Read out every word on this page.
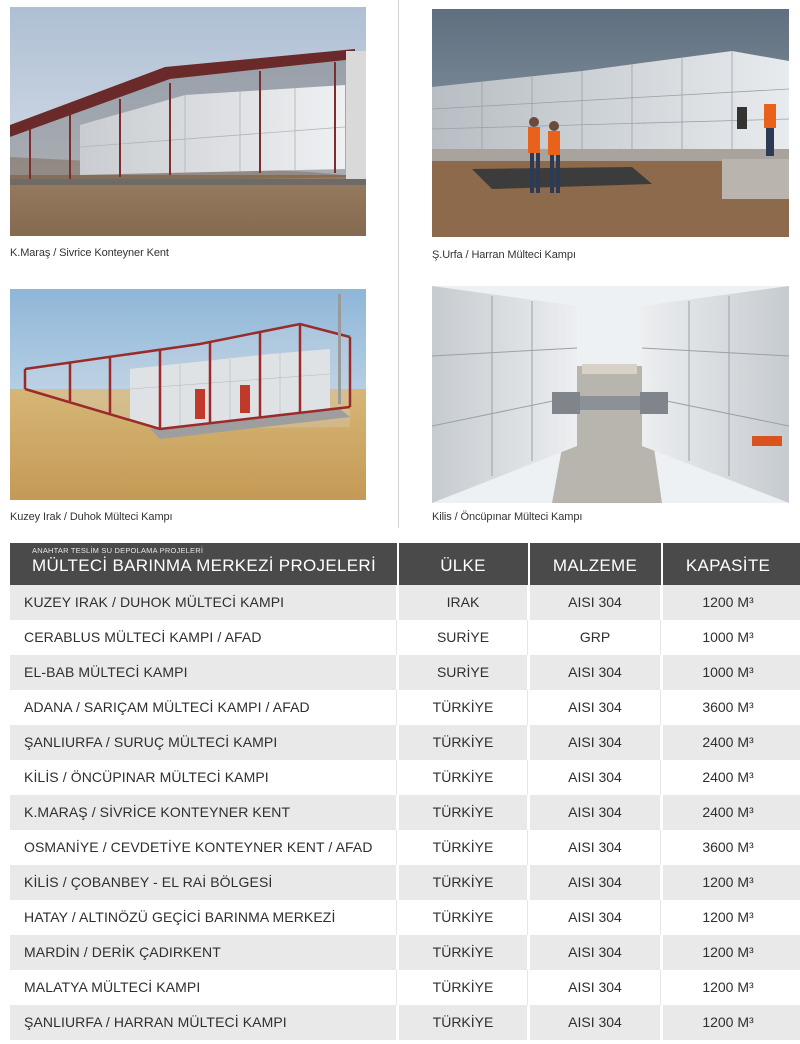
K.Maraş / Sivrice Konteyner Kent	Ş.Urfa / Harran Mülteci Kampı
Kuzey Irak / Duhok Mülteci Kampı	Kilis / Öncüpınar Mülteci Kampı
ANAHTAR TESLİM SU DEPOLAMA PROJELERİ
MÜLTECİ BARINMA MERKEZİ PROJELERİ	ÜLKE	MALZEME	KAPASİTE
KUZEY IRAK / DUHOK MÜLTECİ KAMPI	IRAK	AISI 304	1200 M³
CERABLUS MÜLTECİ KAMPI / AFAD	SURİYE	GRP	1000 M³
EL-BAB MÜLTECİ KAMPI	SURİYE	AISI 304	1000 M³
ADANA / SARIÇAM MÜLTECİ KAMPI / AFAD	TÜRKİYE	AISI 304	3600 M³
ŞANLIURFA / SURUÇ MÜLTECİ KAMPI	TÜRKİYE	AISI 304	2400 M³
KİLİS / ÖNCÜPINAR MÜLTECİ KAMPI	TÜRKİYE	AISI 304	2400 M³
K.MARAŞ / SİVRİCE KONTEYNER KENT	TÜRKİYE	AISI 304	2400 M³
OSMANİYE / CEVDETİYE KONTEYNER KENT / AFAD	TÜRKİYE	AISI 304	3600 M³
KİLİS / ÇOBANBEY - EL RAİ BÖLGESİ	TÜRKİYE	AISI 304	1200 M³
HATAY / ALTINÖZÜ GEÇİCİ BARINMA MERKEZİ	TÜRKİYE	AISI 304	1200 M³
MARDİN / DERİK ÇADIRKENT	TÜRKİYE	AISI 304	1200 M³
MALATYA MÜLTECİ KAMPI	TÜRKİYE	AISI 304	1200 M³
ŞANLIURFA / HARRAN MÜLTECİ KAMPI	TÜRKİYE	AISI 304	1200 M³
